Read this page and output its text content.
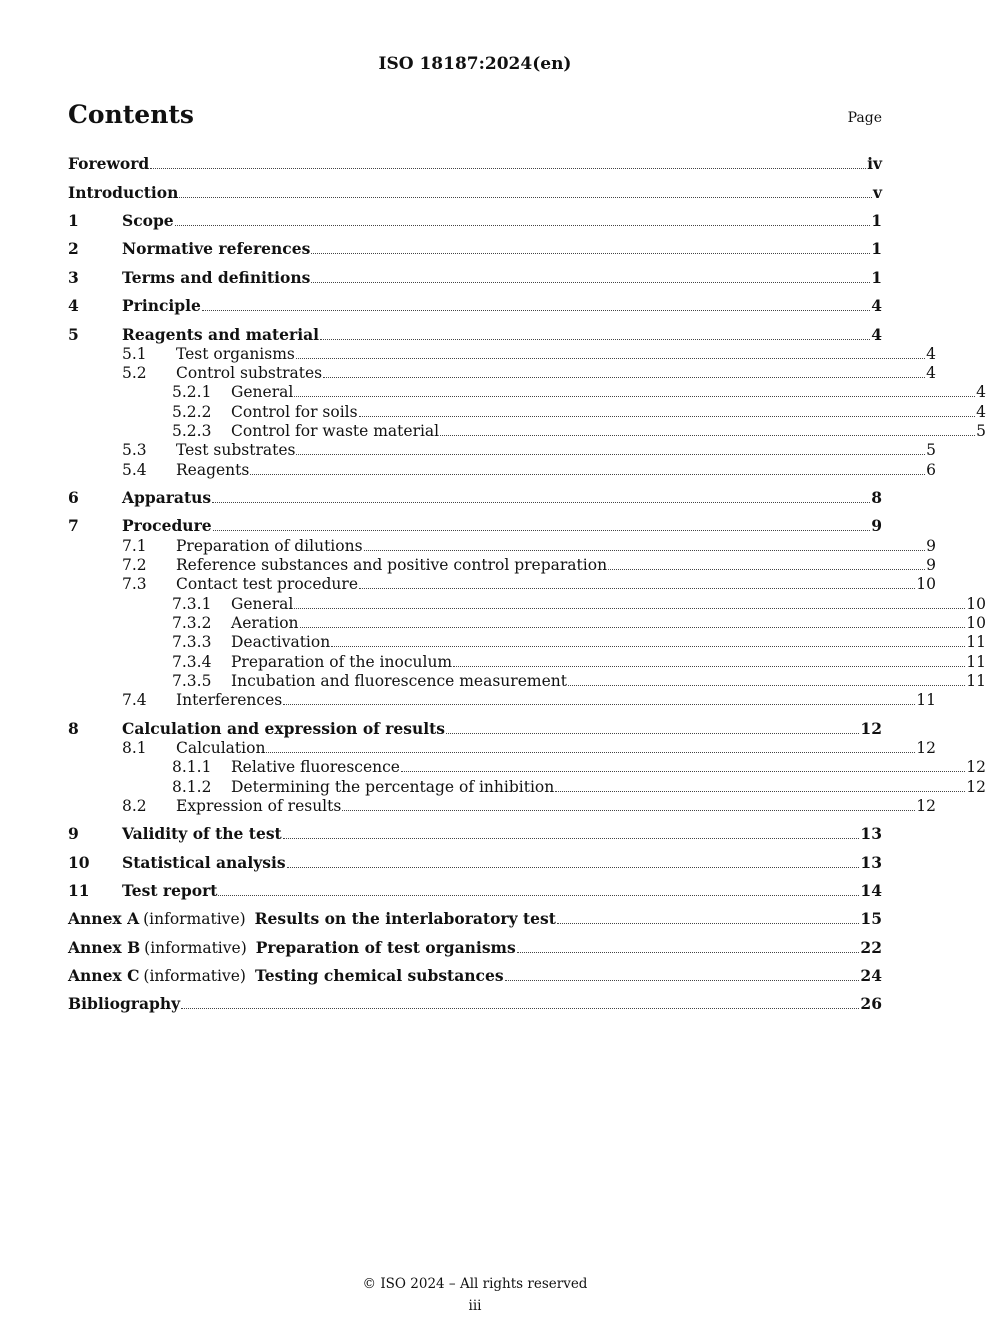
ISO 18187:2024(en)
Contents	Page
Foreword	iv
Introduction	v
1	Scope	1
2	Normative references	1
3	Terms and definitions	1
4	Principle	4
5	Reagents and material	4
5.1	Test organisms	4
5.2	Control substrates	4
5.2.1	General	4
5.2.2	Control for soils	4
5.2.3	Control for waste material	5
5.3	Test substrates	5
5.4	Reagents	6
6	Apparatus	8
7	Procedure	9
7.1	Preparation of dilutions	9
7.2	Reference substances and positive control preparation	9
7.3	Contact test procedure	10
7.3.1	General	10
7.3.2	Aeration	10
7.3.3	Deactivation	11
7.3.4	Preparation of the inoculum	11
7.3.5	Incubation and fluorescence measurement	11
7.4	Interferences	11
8	Calculation and expression of results	12
8.1	Calculation	12
8.1.1	Relative fluorescence	12
8.1.2	Determining the percentage of inhibition	12
8.2	Expression of results	12
9	Validity of the test	13
10	Statistical analysis	13
11	Test report	14
Annex A (informative) Results on the interlaboratory test	15
Annex B (informative) Preparation of test organisms	22
Annex C (informative) Testing chemical substances	24
Bibliography	26
© ISO 2024 – All rights reserved
iii
